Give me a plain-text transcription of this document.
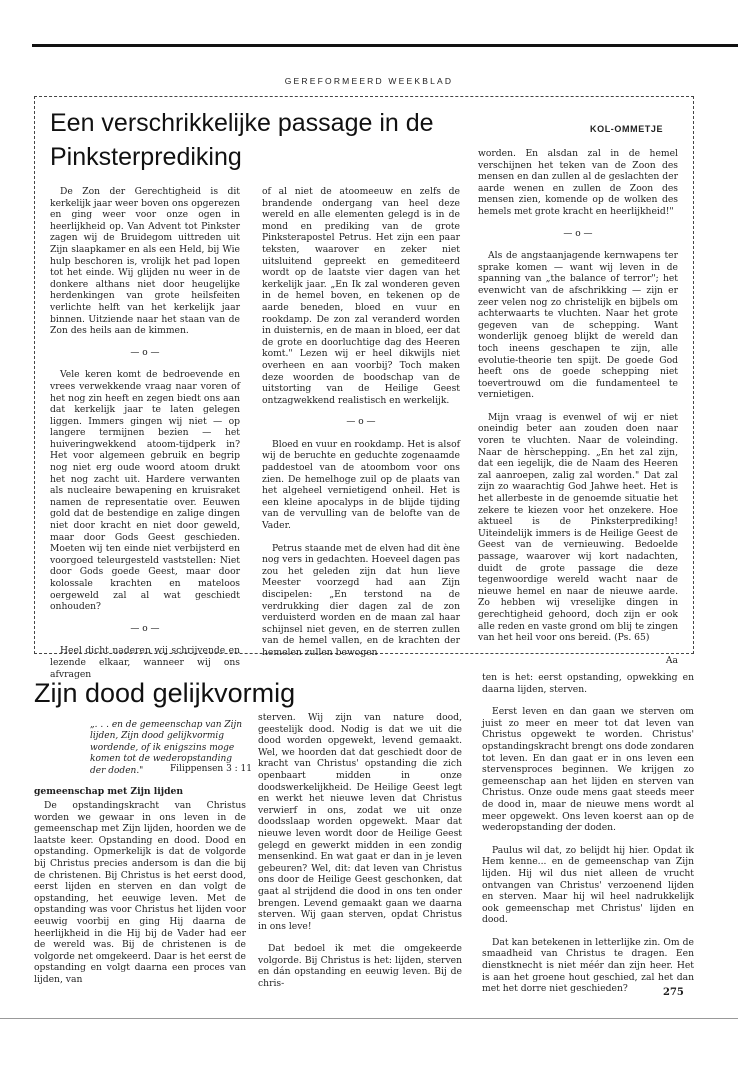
GEREFORMEERD WEEKBLAD
Een verschrikkelijke passage in de Pinksterprediking
KOL-OMMETJE

De Zon der Gerechtigheid is dit kerkelijk jaar weer boven ons opgerezen en ging weer voor onze ogen in heerlijkheid op. Van Advent tot Pinkster zagen wij de Bruidegom uittreden uit Zijn slaapkamer en als een Held, bij Wie hulp beschoren is, vrolijk het pad lopen tot het einde. Wij glijden nu weer in de donkere althans niet door heugelijke herdenkingen van grote heilsfeiten verlichte helft van het kerkelijk jaar binnen. Uitziende naar het staan van de Zon des heils aan de kimmen.

— o —

Vele keren komt de bedroevende en vrees verwekkende vraag naar voren of het nog zin heeft en zegen biedt ons aan dat kerkelijk jaar te laten gelegen liggen. Immers gingen wij niet — op langere termijnen bezien — het huiveringwekkend atoom-tijdperk in? Het voor algemeen gebruik en begrip nog niet erg oude woord atoom drukt het nog zacht uit. Hardere verwanten als nucleaire bewapening en kruisraket namen de representatie over. Eeuwen gold dat de bestendige en zalige dingen niet door kracht en niet door geweld, maar door Gods Geest geschieden. Moeten wij ten einde niet verbijsterd en voorgoed teleurgesteld vaststellen: Niet door Gods goede Geest, maar door kolossale krachten en mateloos oergeweld zal al wat geschiedt onhouden?

— o —

Heel dicht naderen wij schrijvende en lezende elkaar, wanneer wij ons afvragen

of al niet de atoomeeuw en zelfs de brandende ondergang van heel deze wereld en alle elementen gelegd is in de mond en prediking van de grote Pinksterapostel Petrus. Het zijn een paar teksten, waarover en zeker niet uitsluitend gepreekt en gemediteerd wordt op de laatste vier dagen van het kerkelijk jaar. „En Ik zal wonderen geven in de hemel boven, en tekenen op de aarde beneden, bloed en vuur en rookdamp. De zon zal veranderd worden in duisternis, en de maan in bloed, eer dat de grote en doorluchtige dag des Heeren komt." Lezen wij er heel dikwijls niet overheen en aan voorbij? Toch maken deze woorden de boodschap van de uitstorting van de Heilige Geest ontzagwekkend realistisch en werkelijk.

— o —

Bloed en vuur en rookdamp. Het is alsof wij de beruchte en geduchte zogenaamde paddestoel van de atoombom voor ons zien. De hemelhoge zuil op de plaats van het algeheel vernietigend onheil. Het is een kleine apocalyps in de blijde tijding van de vervulling van de belofte van de Vader.

Petrus staande met de elven had dit ène nog vers in gedachten. Hoeveel dagen pas zou het geleden zijn dat hun lieve Meester voorzegd had aan Zijn discipelen: „En terstond na de verdrukking dier dagen zal de zon verduisterd worden en de maan zal haar schijnsel niet geven, en de sterren zullen van de hemel vallen, en de krachten der hemelen zullen bewogen

worden. En alsdan zal in de hemel verschijnen het teken van de Zoon des mensen en dan zullen al de geslachten der aarde wenen en zullen de Zoon des mensen zien, komende op de wolken des hemels met grote kracht en heerlijkheid!"

— o —

Als de angstaanjagende kernwapens ter sprake komen — want wij leven in de spanning van „the balance of terror"; het evenwicht van de afschrikking — zijn er zeer velen nog zo christelijk en bijbels om achterwaarts te vluchten. Naar het grote gegeven van de schepping. Want wonderlijk genoeg blijkt de wereld dan toch ineens geschapen te zijn, alle evolutie-theorie ten spijt. De goede God heeft ons de goede schepping niet toevertrouwd om die fundamenteel te vernietigen.

Mijn vraag is evenwel of wij er niet oneindig beter aan zouden doen naar voren te vluchten. Naar de voleinding. Naar de hèrschepping. „En het zal zijn, dat een iegelijk, die de Naam des Heeren zal aanroepen, zalig zal worden." Dat zal zijn zo waarachtig God Jahwe heet. Het is het allerbeste in de genoemde situatie het zekere te kiezen voor het onzekere. Hoe aktueel is de Pinksterprediking! Uiteindelijk immers is de Heilige Geest de Geest van de vernieuwing. Bedoelde passage, waarover wij kort nadachten, duidt de grote passage die deze tegenwoordige wereld wacht naar de nieuwe hemel en naar de nieuwe aarde. Zo hebben wij vreselijke dingen in gerechtigheid gehoord, doch zijn er ook alle reden en vaste grond om blij te zingen van het heil voor ons bereid. (Ps. 65)

Aa
Zijn dood gelijkvormig
„. . . en de gemeenschap van Zijn lijden, Zijn dood gelijkvormig wordende, of ik enigszins moge komen tot de wederopstanding der doden."	Filippensen 3 : 11
gemeenschap met Zijn lijden

De opstandingskracht van Christus worden we gewaar in ons leven in de gemeenschap met Zijn lijden, hoorden we de laatste keer. Opstanding en dood. Dood en opstanding. Opmerkelijk is dat de volgorde bij Christus precies andersom is dan die bij de christenen. Bij Christus is het eerst dood, eerst lijden en sterven en dan volgt de opstanding, het eeuwige leven. Met de opstanding was voor Christus het lijden voor eeuwig voorbij en ging Hij daarna de heerlijkheid in die Hij bij de Vader had eer de wereld was. Bij de christenen is de volgorde net omgekeerd. Daar is het eerst de opstanding en volgt daarna een proces van lijden, van

sterven. Wij zijn van nature dood, geestelijk dood. Nodig is dat we uit die dood worden opgewekt, levend gemaakt. Wel, we hoorden dat dat geschiedt door de kracht van Christus' opstanding die zich openbaart midden in onze doodswerkelijkheid. De Heilige Geest legt en werkt het nieuwe leven dat Christus verwierf in ons, zodat we uit onze doodsslaap worden opgewekt. Maar dat nieuwe leven wordt door de Heilige Geest gelegd en gewerkt midden in een zondig mensenkind. En wat gaat er dan in je leven gebeuren? Wel, dit: dat leven van Christus ons door de Heilige Geest geschonken, dat gaat al strijdend die dood in ons ten onder brengen. Levend gemaakt gaan we daarna sterven. Wij gaan sterven, opdat Christus in ons leve!

Dat bedoel ik met die omgekeerde volgorde. Bij Christus is het: lijden, sterven en dán opstanding en eeuwig leven. Bij de chris-

ten is het: eerst opstanding, opwekking en daarna lijden, sterven.

Eerst leven en dan gaan we sterven om juist zo meer en meer tot dat leven van Christus opgewekt te worden. Christus' opstandingskracht brengt ons dode zondaren tot leven. En dan gaat er in ons leven een stervensproces beginnen. We krijgen zo gemeenschap aan het lijden en sterven van Christus. Onze oude mens gaat steeds meer de dood in, maar de nieuwe mens wordt al meer opgewekt. Ons leven koerst aan op de wederopstanding der doden.

Paulus wil dat, zo belijdt hij hier. Opdat ik Hem kenne... en de gemeenschap van Zijn lijden. Hij wil dus niet alleen de vrucht ontvangen van Christus' verzoenend lijden en sterven. Maar hij wil heel nadrukkelijk ook gemeenschap met Christus' lijden en dood.

Dat kan betekenen in letterlijke zin. Om de smaadheid van Christus te dragen. Een dienstknecht is niet méér dan zijn heer. Het is aan het groene hout geschied, zal het dan met het dorre niet geschieden?	275
